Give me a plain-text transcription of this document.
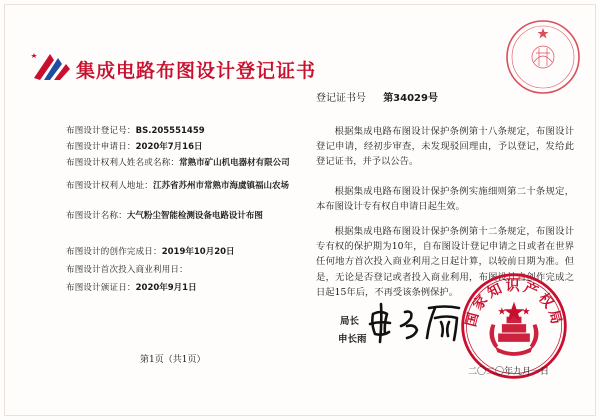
集成电路布图设计登记证书
登记证书号 第34029号
布图设计登记号：BS.205551459
布图设计申请日：2020年7月16日
布图设计权利人姓名或名称：常熟市矿山机电器材有限公司
布图设计权利人地址：江苏省苏州市常熟市海虞镇福山农场
布图设计名称：大气粉尘智能检测设备电路设计布图
布图设计的创作完成日：2019年10月20日
布图设计首次投入商业利用日：
布图设计颁证日：2020年9月1日

根据集成电路布图设计保护条例第十八条规定，布图设计登记申请，经初步审查，未发现驳回理由，予以登记，发给此登记证书，并予以公告。

根据集成电路布图设计保护条例实施细则第二十条规定，本布图设计专有权自申请日起生效。

根据集成电路布图设计保护条例第十二条规定，布图设计专有权的保护期为10年，自布图设计登记申请之日或者在世界任何地方首次投入商业利用之日起计算，以较前日期为准。但是，无论是否登记或者投入商业利用，布图设计自创作完成之日起15年后，不再受该条例保护。

局长
申长雨
国家知识产权局
二〇二〇年九月一日
第1页（共1页）
